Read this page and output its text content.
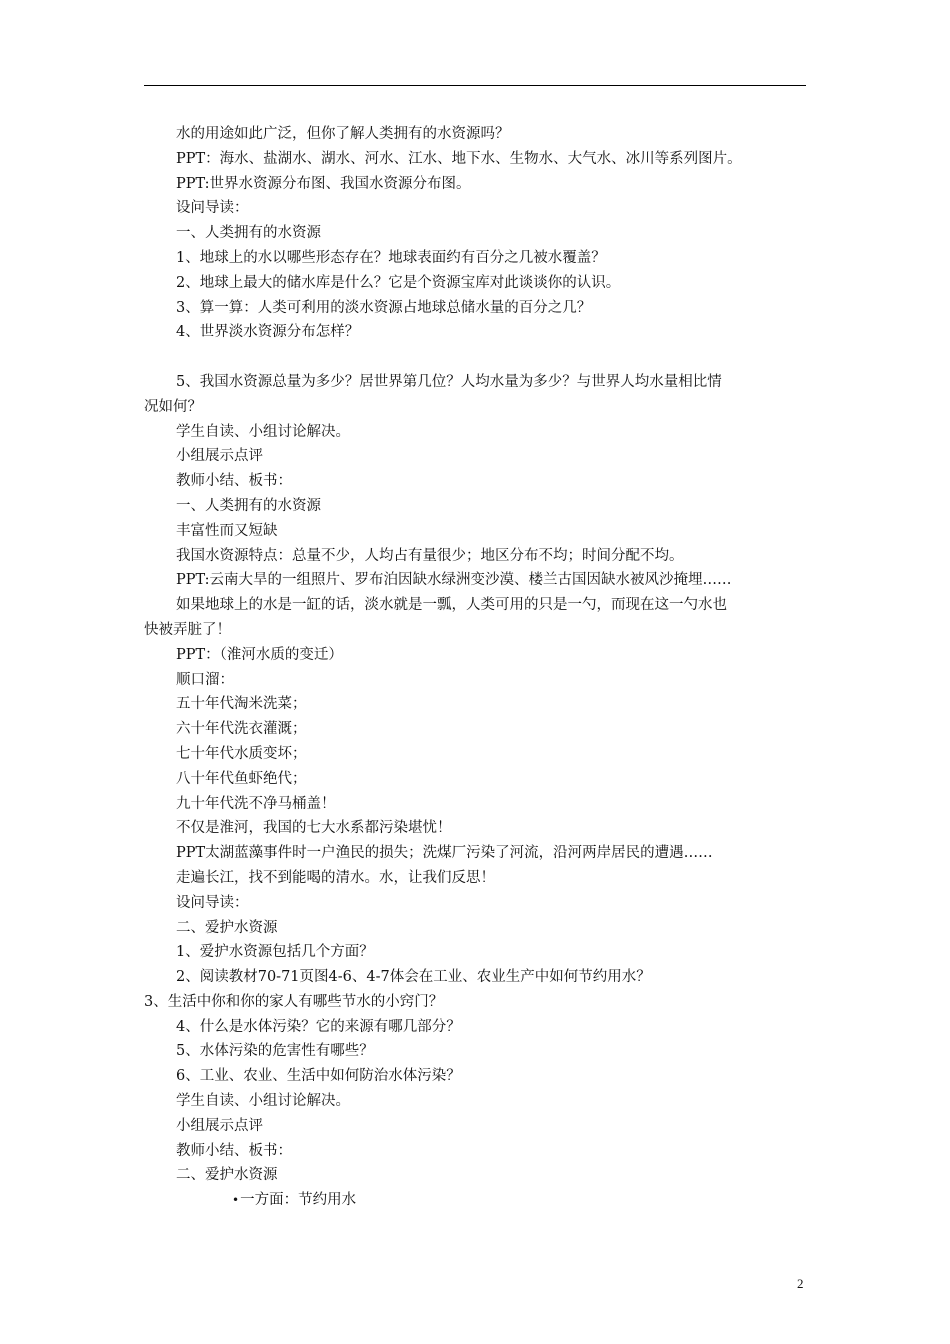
水的用途如此广泛，但你了解人类拥有的水资源吗？
PPT：海水、盐湖水、湖水、河水、江水、地下水、生物水、大气水、冰川等系列图片。
PPT:世界水资源分布图、我国水资源分布图。
设问导读：
一、人类拥有的水资源
1、地球上的水以哪些形态存在？地球表面约有百分之几被水覆盖？
2、地球上最大的储水库是什么？它是个资源宝库对此谈谈你的认识。
3、算一算：人类可利用的淡水资源占地球总储水量的百分之几？
4、世界淡水资源分布怎样？
5、我国水资源总量为多少？居世界第几位？人均水量为多少？与世界人均水量相比情
况如何？
学生自读、小组讨论解决。
小组展示点评
教师小结、板书：
一、人类拥有的水资源
丰富性而又短缺
我国水资源特点：总量不少，人均占有量很少；地区分布不均；时间分配不均。
PPT:云南大旱的一组照片、罗布泊因缺水绿洲变沙漠、楼兰古国因缺水被风沙掩埋……
如果地球上的水是一缸的话，淡水就是一瓢，人类可用的只是一勺，而现在这一勺水也
快被弄脏了！
PPT：（淮河水质的变迁）
顺口溜：
五十年代淘米洗菜；
六十年代洗衣灌溉；
七十年代水质变坏；
八十年代鱼虾绝代；
九十年代洗不净马桶盖！
不仅是淮河，我国的七大水系都污染堪忧！
PPT太湖蓝藻事件时一户渔民的损失；洗煤厂污染了河流，沿河两岸居民的遭遇……
走遍长江，找不到能喝的清水。水，让我们反思！
设问导读：
二、爱护水资源
1、爱护水资源包括几个方面？
2、阅读教材70-71页图4-6、4-7体会在工业、农业生产中如何节约用水？
3、生活中你和你的家人有哪些节水的小窍门？
4、什么是水体污染？它的来源有哪几部分？
5、水体污染的危害性有哪些？
6、工业、农业、生活中如何防治水体污染？
学生自读、小组讨论解决。
小组展示点评
教师小结、板书：
二、爱护水资源
•一方面：节约用水
2
